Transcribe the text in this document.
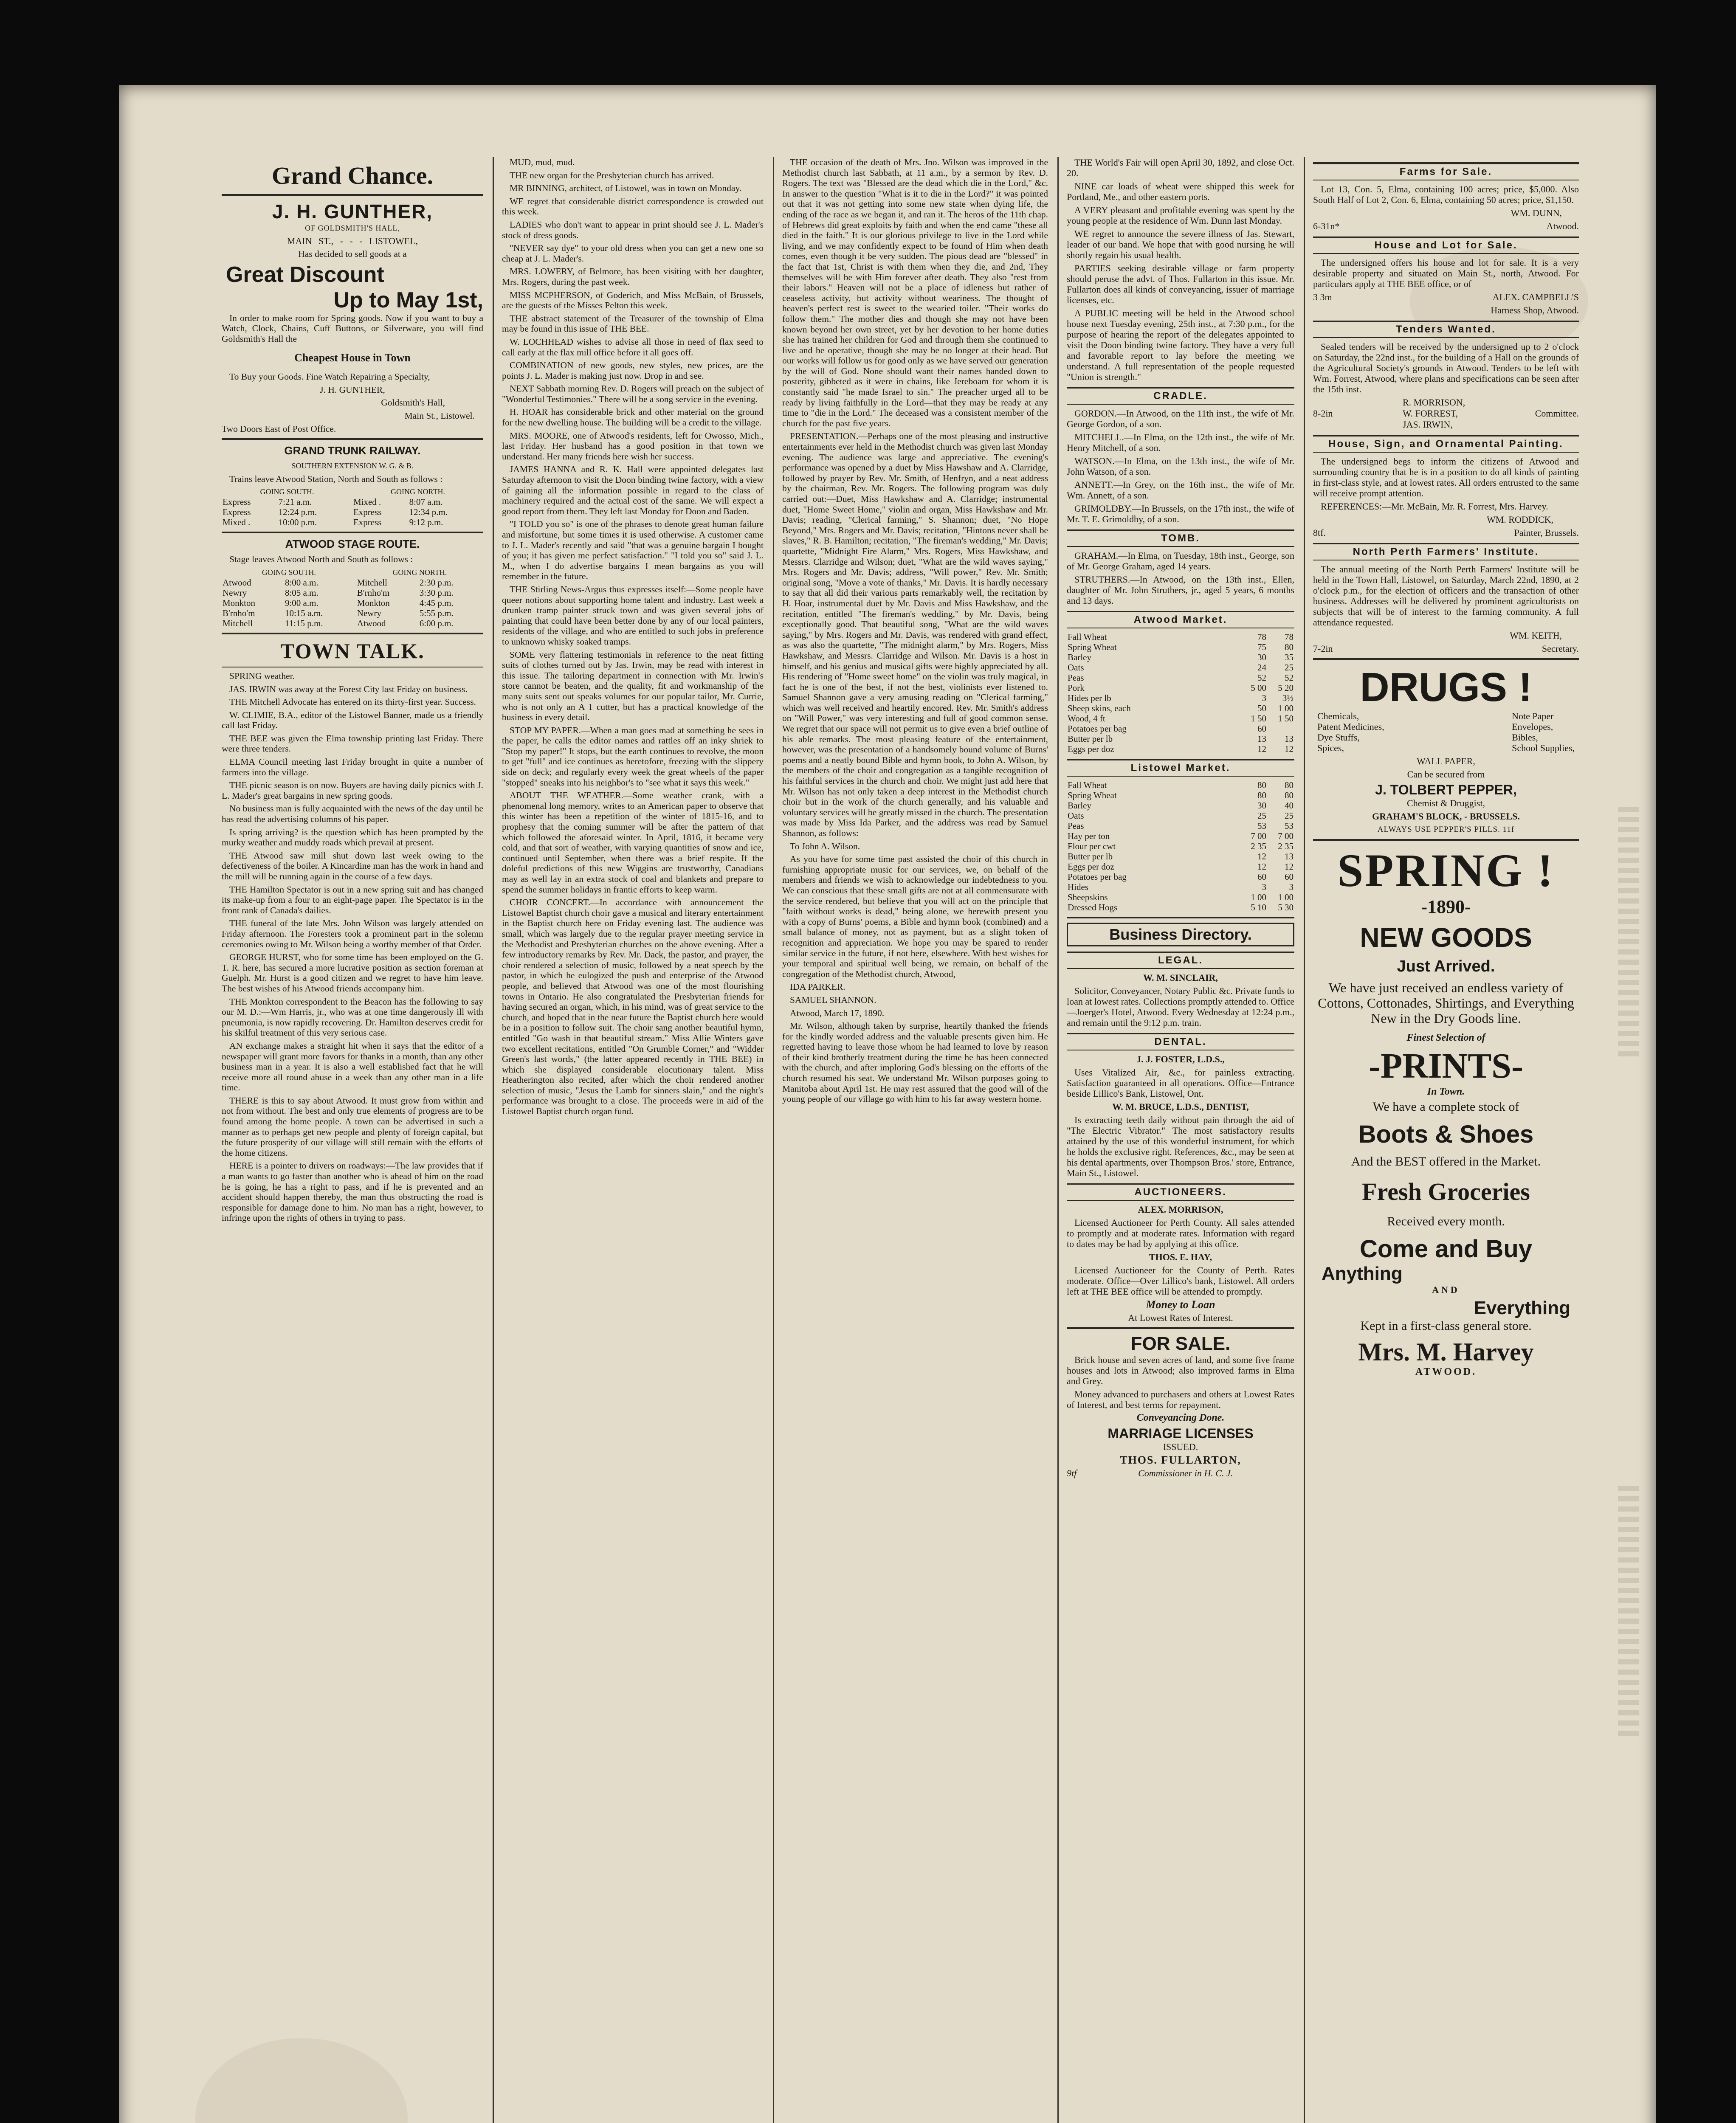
Grand Chance.
J. H. GUNTHER,

OF GOLDSMITH'S HALL,

MAIN ST., - - - LISTOWEL,

Has decided to sell goods at a

Great Discount
Up to May 1st,

In order to make room for Spring goods. Now if you want to buy a Watch, Clock, Chains, Cuff Buttons, or Silverware, you will find Goldsmith's Hall the

Cheapest House in Town

To Buy your Goods. Fine Watch Repairing a Specialty,

J. H. GUNTHER,

Goldsmith's Hall,

Main St., Listowel.

Two Doors East of Post Office.

GRAND TRUNK RAILWAY.

SOUTHERN EXTENSION W. G. & B.

Trains leave Atwood Station, North and South as follows :

GOING SOUTH.		GOING NORTH.	
Express	7:21 a.m.	Mixed .	8:07 a.m.
Express	12:24 p.m.	Express	12:34 p.m.
Mixed .	10:00 p.m.	Express	9:12 p.m.
ATWOOD STAGE ROUTE.

Stage leaves Atwood North and South as follows :

GOING SOUTH.		GOING NORTH.	
Atwood	8:00 a.m.	Mitchell	2:30 p.m.
Newry	8:05 a.m.	B'rnho'm	3:30 p.m.
Monkton	9:00 a.m.	Monkton	4:45 p.m.
B'rnho'm	10:15 a.m.	Newry	5:55 p.m.
Mitchell	11:15 p.m.	Atwood	6:00 p.m.
TOWN TALK.

SPRING weather.

JAS. IRWIN was away at the Forest City last Friday on business.

THE Mitchell Advocate has entered on its thirty-first year. Success.

W. CLIMIE, B.A., editor of the Listowel Banner, made us a friendly call last Friday.

THE BEE was given the Elma township printing last Friday. There were three tenders.

ELMA Council meeting last Friday brought in quite a number of farmers into the village.

THE picnic season is on now. Buyers are having daily picnics with J. L. Mader's great bargains in new spring goods.

No business man is fully acquainted with the news of the day until he has read the advertising columns of his paper.

Is spring arriving? is the question which has been prompted by the murky weather and muddy roads which prevail at present.

THE Atwood saw mill shut down last week owing to the defectiveness of the boiler. A Kincardine man has the work in hand and the mill will be running again in the course of a few days.

THE Hamilton Spectator is out in a new spring suit and has changed its make-up from a four to an eight-page paper. The Spectator is in the front rank of Canada's dailies.

THE funeral of the late Mrs. John Wilson was largely attended on Friday afternoon. The Foresters took a prominent part in the solemn ceremonies owing to Mr. Wilson being a worthy member of that Order.

GEORGE HURST, who for some time has been employed on the G. T. R. here, has secured a more lucrative position as section foreman at Guelph. Mr. Hurst is a good citizen and we regret to have him leave. The best wishes of his Atwood friends accompany him.

THE Monkton correspondent to the Beacon has the following to say our M. D.:—Wm Harris, jr., who was at one time dangerously ill with pneumonia, is now rapidly recovering. Dr. Hamilton deserves credit for his skilful treatment of this very serious case.

AN exchange makes a straight hit when it says that the editor of a newspaper will grant more favors for thanks in a month, than any other business man in a year. It is also a well established fact that he will receive more all round abuse in a week than any other man in a life time.

THERE is this to say about Atwood. It must grow from within and not from without. The best and only true elements of progress are to be found among the home people. A town can be advertised in such a manner as to perhaps get new people and plenty of foreign capital, but the future prosperity of our village will still remain with the efforts of the home citizens.

HERE is a pointer to drivers on roadways:—The law provides that if a man wants to go faster than another who is ahead of him on the road he is going, he has a right to pass, and if he is prevented and an accident should happen thereby, the man thus obstructing the road is responsible for damage done to him. No man has a right, however, to infringe upon the rights of others in trying to pass.

MUD, mud, mud.

THE new organ for the Presbyterian church has arrived.

MR BINNING, architect, of Listowel, was in town on Monday.

WE regret that considerable district correspondence is crowded out this week.

LADIES who don't want to appear in print should see J. L. Mader's stock of dress goods.

"NEVER say dye" to your old dress when you can get a new one so cheap at J. L. Mader's.

MRS. LOWERY, of Belmore, has been visiting with her daughter, Mrs. Rogers, during the past week.

MISS MCPHERSON, of Goderich, and Miss McBain, of Brussels, are the guests of the Misses Pelton this week.

THE abstract statement of the Treasurer of the township of Elma may be found in this issue of THE BEE.

W. LOCHHEAD wishes to advise all those in need of flax seed to call early at the flax mill office before it all goes off.

COMBINATION of new goods, new styles, new prices, are the points J. L. Mader is making just now. Drop in and see.

NEXT Sabbath morning Rev. D. Rogers will preach on the subject of "Wonderful Testimonies." There will be a song service in the evening.

H. HOAR has considerable brick and other material on the ground for the new dwelling house. The building will be a credit to the village.

MRS. MOORE, one of Atwood's residents, left for Owosso, Mich., last Friday. Her husband has a good position in that town we understand. Her many friends here wish her success.

JAMES HANNA and R. K. Hall were appointed delegates last Saturday afternoon to visit the Doon binding twine factory, with a view of gaining all the information possible in regard to the class of machinery required and the actual cost of the same. We will expect a good report from them. They left last Monday for Doon and Baden.

"I TOLD you so" is one of the phrases to denote great human failure and misfortune, but some times it is used otherwise. A customer came to J. L. Mader's recently and said "that was a genuine bargain I bought of you; it has given me perfect satisfaction." "I told you so" said J. L. M., when I do advertise bargains I mean bargains as you will remember in the future.

THE Stirling News-Argus thus expresses itself:—Some people have queer notions about supporting home talent and industry. Last week a drunken tramp painter struck town and was given several jobs of painting that could have been better done by any of our local painters, residents of the village, and who are entitled to such jobs in preference to unknown whisky soaked tramps.

SOME very flattering testimonials in reference to the neat fitting suits of clothes turned out by Jas. Irwin, may be read with interest in this issue. The tailoring department in connection with Mr. Irwin's store cannot be beaten, and the quality, fit and workmanship of the many suits sent out speaks volumes for our popular tailor, Mr. Currie, who is not only an A 1 cutter, but has a practical knowledge of the business in every detail.

STOP MY PAPER.—When a man goes mad at something he sees in the paper, he calls the editor names and rattles off an inky shriek to "Stop my paper!" It stops, but the earth continues to revolve, the moon to get "full" and ice continues as heretofore, freezing with the slippery side on deck; and regularly every week the great wheels of the paper "stopped" sneaks into his neighbor's to "see what it says this week."

ABOUT THE WEATHER.—Some weather crank, with a phenomenal long memory, writes to an American paper to observe that this winter has been a repetition of the winter of 1815-16, and to prophesy that the coming summer will be after the pattern of that which followed the aforesaid winter. In April, 1816, it became very cold, and that sort of weather, with varying quantities of snow and ice, continued until September, when there was a brief respite. If the doleful predictions of this new Wiggins are trustworthy, Canadians may as well lay in an extra stock of coal and blankets and prepare to spend the summer holidays in frantic efforts to keep warm.

CHOIR CONCERT.—In accordance with announcement the Listowel Baptist church choir gave a musical and literary entertainment in the Baptist church here on Friday evening last. The audience was small, which was largely due to the regular prayer meeting service in the Methodist and Presbyterian churches on the above evening. After a few introductory remarks by Rev. Mr. Dack, the pastor, and prayer, the choir rendered a selection of music, followed by a neat speech by the pastor, in which he eulogized the push and enterprise of the Atwood people, and believed that Atwood was one of the most flourishing towns in Ontario. He also congratulated the Presbyterian friends for having secured an organ, which, in his mind, was of great service to the church, and hoped that in the near future the Baptist church here would be in a position to follow suit. The choir sang another beautiful hymn, entitled "Go wash in that beautiful stream." Miss Allie Winters gave two excellent recitations, entitled "On Grumble Corner," and "Widder Green's last words," (the latter appeared recently in THE BEE) in which she displayed considerable elocutionary talent. Miss Heatherington also recited, after which the choir rendered another selection of music, "Jesus the Lamb for sinners slain," and the night's performance was brought to a close. The proceeds were in aid of the Listowel Baptist church organ fund.

THE occasion of the death of Mrs. Jno. Wilson was improved in the Methodist church last Sabbath, at 11 a.m., by a sermon by Rev. D. Rogers. The text was "Blessed are the dead which die in the Lord," &c. In answer to the question "What is it to die in the Lord?" it was pointed out that it was not getting into some new state when dying life, the ending of the race as we began it, and ran it. The heros of the 11th chap. of Hebrews did great exploits by faith and when the end came "these all died in the faith." It is our glorious privilege to live in the Lord while living, and we may confidently expect to be found of Him when death comes, even though it be very sudden. The pious dead are "blessed" in the fact that 1st, Christ is with them when they die, and 2nd, They themselves will be with Him forever after death. They also "rest from their labors." Heaven will not be a place of idleness but rather of ceaseless activity, but activity without weariness. The thought of heaven's perfect rest is sweet to the wearied toiler. "Their works do follow them." The mother dies and though she may not have been known beyond her own street, yet by her devotion to her home duties she has trained her children for God and through them she continued to live and be operative, though she may be no longer at their head. But our works will follow us for good only as we have served our generation by the will of God. None should want their names handed down to posterity, gibbeted as it were in chains, like Jereboam for whom it is constantly said "he made Israel to sin." The preacher urged all to be ready by living faithfully in the Lord—that they may be ready at any time to "die in the Lord." The deceased was a consistent member of the church for the past five years.

PRESENTATION.—Perhaps one of the most pleasing and instructive entertainments ever held in the Methodist church was given last Monday evening. The audience was large and appreciative. The evening's performance was opened by a duet by Miss Hawshaw and A. Clarridge, followed by prayer by Rev. Mr. Smith, of Henfryn, and a neat address by the chairman, Rev. Mr. Rogers. The following program was duly carried out:—Duet, Miss Hawkshaw and A. Clarridge; instrumental duet, "Home Sweet Home," violin and organ, Miss Hawkshaw and Mr. Davis; reading, "Clerical farming," S. Shannon; duet, "No Hope Beyond," Mrs. Rogers and Mr. Davis; recitation, "Hintons never shall be slaves," R. B. Hamilton; recitation, "The fireman's wedding," Mr. Davis; quartette, "Midnight Fire Alarm," Mrs. Rogers, Miss Hawkshaw, and Messrs. Clarridge and Wilson; duet, "What are the wild waves saying," Mrs. Rogers and Mr. Davis; address, "Will power," Rev. Mr. Smith; original song, "Move a vote of thanks," Mr. Davis. It is hardly necessary to say that all did their various parts remarkably well, the recitation by H. Hoar, instrumental duet by Mr. Davis and Miss Hawkshaw, and the recitation, entitled "The fireman's wedding," by Mr. Davis, being exceptionally good. That beautiful song, "What are the wild waves saying," by Mrs. Rogers and Mr. Davis, was rendered with grand effect, as was also the quartette, "The midnight alarm," by Mrs. Rogers, Miss Hawkshaw, and Messrs. Clarridge and Wilson. Mr. Davis is a host in himself, and his genius and musical gifts were highly appreciated by all. His rendering of "Home sweet home" on the violin was truly magical, in fact he is one of the best, if not the best, violinists ever listened to. Samuel Shannon gave a very amusing reading on "Clerical farming," which was well received and heartily encored. Rev. Mr. Smith's address on "Will Power," was very interesting and full of good common sense. We regret that our space will not permit us to give even a brief outline of his able remarks. The most pleasing feature of the entertainment, however, was the presentation of a handsomely bound volume of Burns' poems and a neatly bound Bible and hymn book, to John A. Wilson, by the members of the choir and congregation as a tangible recognition of his faithful services in the church and choir. We might just add here that Mr. Wilson has not only taken a deep interest in the Methodist church choir but in the work of the church generally, and his valuable and voluntary services will be greatly missed in the church. The presentation was made by Miss Ida Parker, and the address was read by Samuel Shannon, as follows:

To John A. Wilson.

As you have for some time past assisted the choir of this church in furnishing appropriate music for our services, we, on behalf of the members and friends we wish to acknowledge our indebtedness to you. We can conscious that these small gifts are not at all commensurate with the service rendered, but believe that you will act on the principle that "faith without works is dead," being alone, we herewith present you with a copy of Burns' poems, a Bible and hymn book (combined) and a small balance of money, not as payment, but as a slight token of recognition and appreciation. We hope you may be spared to render similar service in the future, if not here, elsewhere. With best wishes for your temporal and spiritual well being, we remain, on behalf of the congregation of the Methodist church, Atwood,

IDA PARKER.

SAMUEL SHANNON.

Atwood, March 17, 1890.

Mr. Wilson, although taken by surprise, heartily thanked the friends for the kindly worded address and the valuable presents given him. He regretted having to leave those whom he had learned to love by reason of their kind brotherly treatment during the time he has been connected with the church, and after imploring God's blessing on the efforts of the church resumed his seat. We understand Mr. Wilson purposes going to Manitoba about April 1st. He may rest assured that the good will of the young people of our village go with him to his far away western home.

THE World's Fair will open April 30, 1892, and close Oct. 20.

NINE car loads of wheat were shipped this week for Portland, Me., and other eastern ports.

A VERY pleasant and profitable evening was spent by the young people at the residence of Wm. Dunn last Monday.

WE regret to announce the severe illness of Jas. Stewart, leader of our band. We hope that with good nursing he will shortly regain his usual health.

PARTIES seeking desirable village or farm property should peruse the advt. of Thos. Fullarton in this issue. Mr. Fullarton does all kinds of conveyancing, issuer of marriage licenses, etc.

A PUBLIC meeting will be held in the Atwood school house next Tuesday evening, 25th inst., at 7:30 p.m., for the purpose of hearing the report of the delegates appointed to visit the Doon binding twine factory. They have a very full and favorable report to lay before the meeting we understand. A full representation of the people requested "Union is strength."

CRADLE.

GORDON.—In Atwood, on the 11th inst., the wife of Mr. George Gordon, of a son.

MITCHELL.—In Elma, on the 12th inst., the wife of Mr. Henry Mitchell, of a son.

WATSON.—In Elma, on the 13th inst., the wife of Mr. John Watson, of a son.

ANNETT.—In Grey, on the 16th inst., the wife of Mr. Wm. Annett, of a son.

GRIMOLDBY.—In Brussels, on the 17th inst., the wife of Mr. T. E. Grimoldby, of a son.

TOMB.

GRAHAM.—In Elma, on Tuesday, 18th inst., George, son of Mr. George Graham, aged 14 years.

STRUTHERS.—In Atwood, on the 13th inst., Ellen, daughter of Mr. John Struthers, jr., aged 5 years, 6 months and 13 days.

Atwood Market.
Fall Wheat	78	78
Spring Wheat	75	80
Barley	30	35
Oats	24	25
Peas	52	52
Pork	5 00	5 20
Hides per lb	3	3½
Sheep skins, each	50	1 00
Wood, 4 ft	1 50	1 50
Potatoes per bag	60	
Butter per lb	13	13
Eggs per doz	12	12
Listowel Market.
Fall Wheat	80	80
Spring Wheat	80	80
Barley	30	40
Oats	25	25
Peas	53	53
Hay per ton	7 00	7 00
Flour per cwt	2 35	2 35
Butter per lb	12	13
Eggs per doz	12	12
Potatoes per bag	60	60
Hides	3	3
Sheepskins	1 00	1 00
Dressed Hogs	5 10	5 30
Business Directory.
LEGAL.

W. M. SINCLAIR,

Solicitor, Conveyancer, Notary Public &c. Private funds to loan at lowest rates. Collections promptly attended to. Office—Joerger's Hotel, Atwood. Every Wednesday at 12:24 p.m., and remain until the 9:12 p.m. train.

DENTAL.

J. J. FOSTER, L.D.S.,

Uses Vitalized Air, &c., for painless extracting. Satisfaction guaranteed in all operations. Office—Entrance beside Lillico's Bank, Listowel, Ont.

W. M. BRUCE, L.D.S., DENTIST,

Is extracting teeth daily without pain through the aid of "The Electric Vibrator." The most satisfactory results attained by the use of this wonderful instrument, for which he holds the exclusive right. References, &c., may be seen at his dental apartments, over Thompson Bros.' store, Entrance, Main St., Listowel.

AUCTIONEERS.

ALEX. MORRISON,

Licensed Auctioneer for Perth County. All sales attended to promptly and at moderate rates. Information with regard to dates may be had by applying at this office.

THOS. E. HAY,

Licensed Auctioneer for the County of Perth. Rates moderate. Office—Over Lillico's bank, Listowel. All orders left at THE BEE office will be attended to promptly.

Money to Loan

At Lowest Rates of Interest.

FOR SALE.

Brick house and seven acres of land, and some five frame houses and lots in Atwood; also improved farms in Elma and Grey.

Money advanced to purchasers and others at Lowest Rates of Interest, and best terms for repayment.

Conveyancing Done.

MARRIAGE LICENSES

ISSUED.

THOS. FULLARTON,

9tf	Commissioner in H. C. J.

Farms for Sale.

Lot 13, Con. 5, Elma, containing 100 acres; price, $5,000. Also South Half of Lot 2, Con. 6, Elma, containing 50 acres; price, $1,150.

WM. DUNN,

6-31n*	Atwood.

House and Lot for Sale.

The undersigned offers his house and lot for sale. It is a very desirable property and situated on Main St., north, Atwood. For particulars apply at THE BEE office, or of

3 3m	ALEX. CAMPBELL'S

Harness Shop, Atwood.

Tenders Wanted.

Sealed tenders will be received by the undersigned up to 2 o'clock on Saturday, the 22nd inst., for the building of a Hall on the grounds of the Agricultural Society's grounds in Atwood. Tenders to be left with Wm. Forrest, Atwood, where plans and specifications can be seen after the 15th inst.

8-2in
R. MORRISON,
W. FORREST,
JAS. IRWIN,
Committee.
House, Sign, and Ornamental Painting.

The undersigned begs to inform the citizens of Atwood and surrounding country that he is in a position to do all kinds of painting in first-class style, and at lowest rates. All orders entrusted to the same will receive prompt attention.

REFERENCES:—Mr. McBain, Mr. R. Forrest, Mrs. Harvey.

WM. RODDICK,

8tf.	Painter, Brussels.

North Perth Farmers' Institute.

The annual meeting of the North Perth Farmers' Institute will be held in the Town Hall, Listowel, on Saturday, March 22nd, 1890, at 2 o'clock p.m., for the election of officers and the transaction of other business. Addresses will be delivered by prominent agriculturists on subjects that will be of interest to the farming community. A full attendance requested.

WM. KEITH,

7-2in	Secretary.

DRUGS !
Chemicals,
Patent Medicines,
Dye Stuffs,
Spices,
Note Paper
Envelopes,
Bibles,
School Supplies,

WALL PAPER,

Can be secured from

J. TOLBERT PEPPER,

Chemist & Druggist,

GRAHAM'S BLOCK, - BRUSSELS.

ALWAYS USE PEPPER'S PILLS. 11f

SPRING !
-1890-
NEW GOODS
Just Arrived.

We have just received an endless variety of Cottons, Cottonades, Shirtings, and Everything New in the Dry Goods line.

Finest Selection of

-PRINTS-

In Town.

We have a complete stock of

Boots & Shoes

And the BEST offered in the Market.

Fresh Groceries

Received every month.

Come and Buy
Anything

AND

Everything

Kept in a first-class general store.

Mrs. M. Harvey

ATWOOD.
